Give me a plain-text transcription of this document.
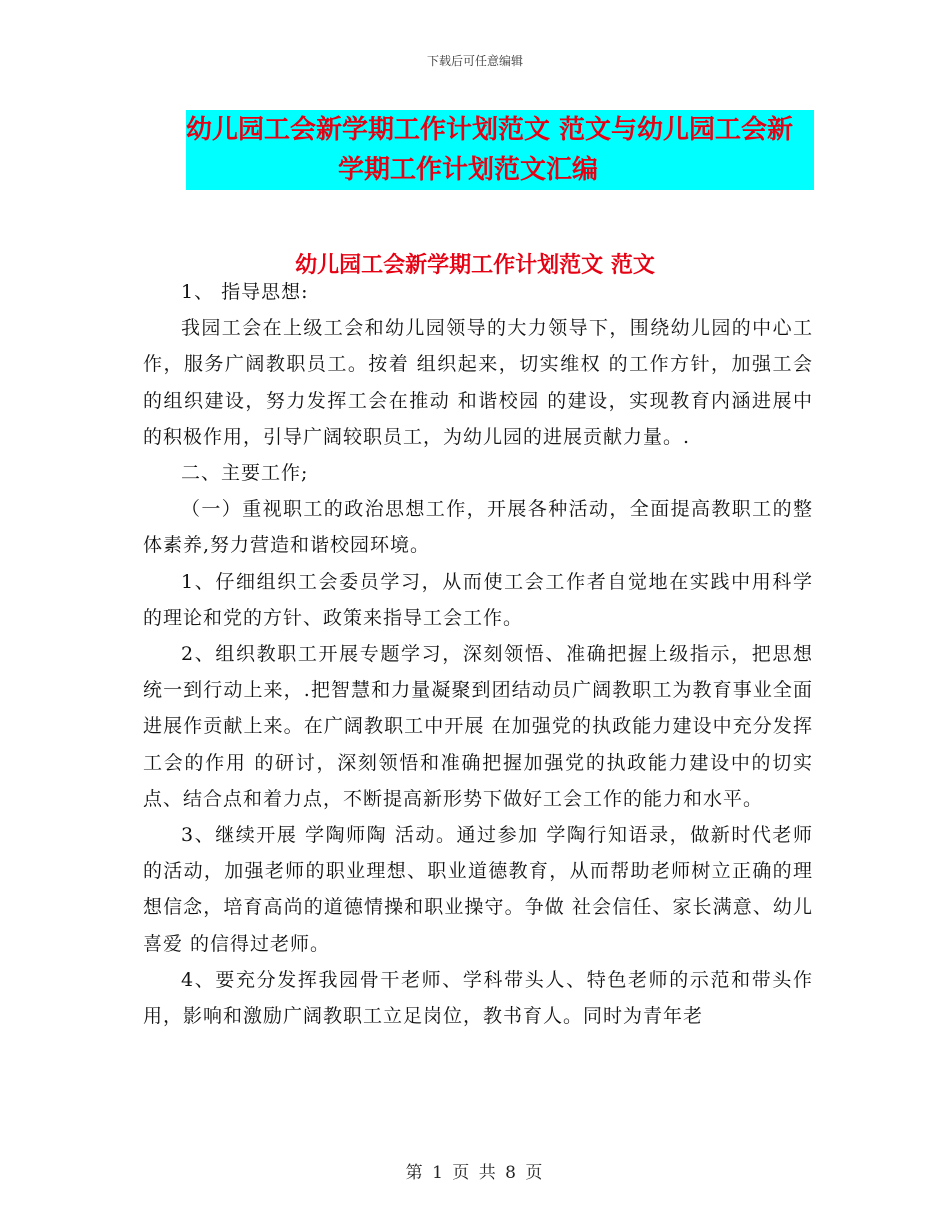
下载后可任意编辑
幼儿园工会新学期工作计划范文 范文与幼儿园工会新
学期工作计划范文汇编
幼儿园工会新学期工作计划范文 范文

1、 指导思想:

我园工会在上级工会和幼儿园领导的大力领导下，围绕幼儿园的中心工作，服务广阔教职员工。按着 组织起来，切实维权 的工作方针，加强工会的组织建设，努力发挥工会在推动 和谐校园 的建设，实现教育内涵进展中的积极作用，引导广阔较职员工，为幼儿园的进展贡献力量。.

二、主要工作;

（一）重视职工的政治思想工作，开展各种活动，全面提高教职工的整体素养,努力营造和谐校园环境。

1、仔细组织工会委员学习，从而使工会工作者自觉地在实践中用科学的理论和党的方针、政策来指导工会工作。

2、组织教职工开展专题学习，深刻领悟、准确把握上级指示，把思想统一到行动上来，.把智慧和力量凝聚到团结动员广阔教职工为教育事业全面进展作贡献上来。在广阔教职工中开展 在加强党的执政能力建设中充分发挥工会的作用 的研讨，深刻领悟和准确把握加强党的执政能力建设中的切实点、结合点和着力点，不断提高新形势下做好工会工作的能力和水平。

3、继续开展 学陶师陶 活动。通过参加 学陶行知语录，做新时代老师 的活动，加强老师的职业理想、职业道德教育，从而帮助老师树立正确的理想信念，培育高尚的道德情操和职业操守。争做 社会信任、家长满意、幼儿喜爱 的信得过老师。

4、要充分发挥我园骨干老师、学科带头人、特色老师的示范和带头作用，影响和激励广阔教职工立足岗位，教书育人。同时为青年老

第 1 页 共 8 页
